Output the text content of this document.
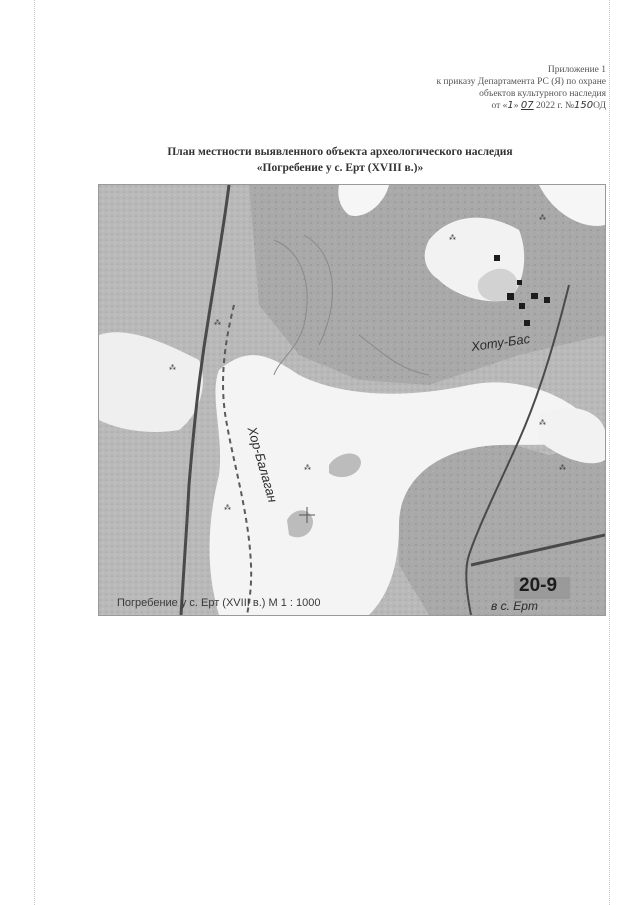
Приложение 1
к приказу Департамента РС (Я) по охране
объектов культурного наследия
от «1» 07 2022 г. №150ОД
План местности выявленного объекта археологического наследия
«Погребение у с. Ерт (XVIII в.)»
⁂
⁂
⁂
⁂
⁂
⁂
⁂
⁂
Хор-Балаган
Хоту-Бас
20-9
в с. Ерт
Погребение у с. Ерт (XVIII в.) М 1 : 1000
